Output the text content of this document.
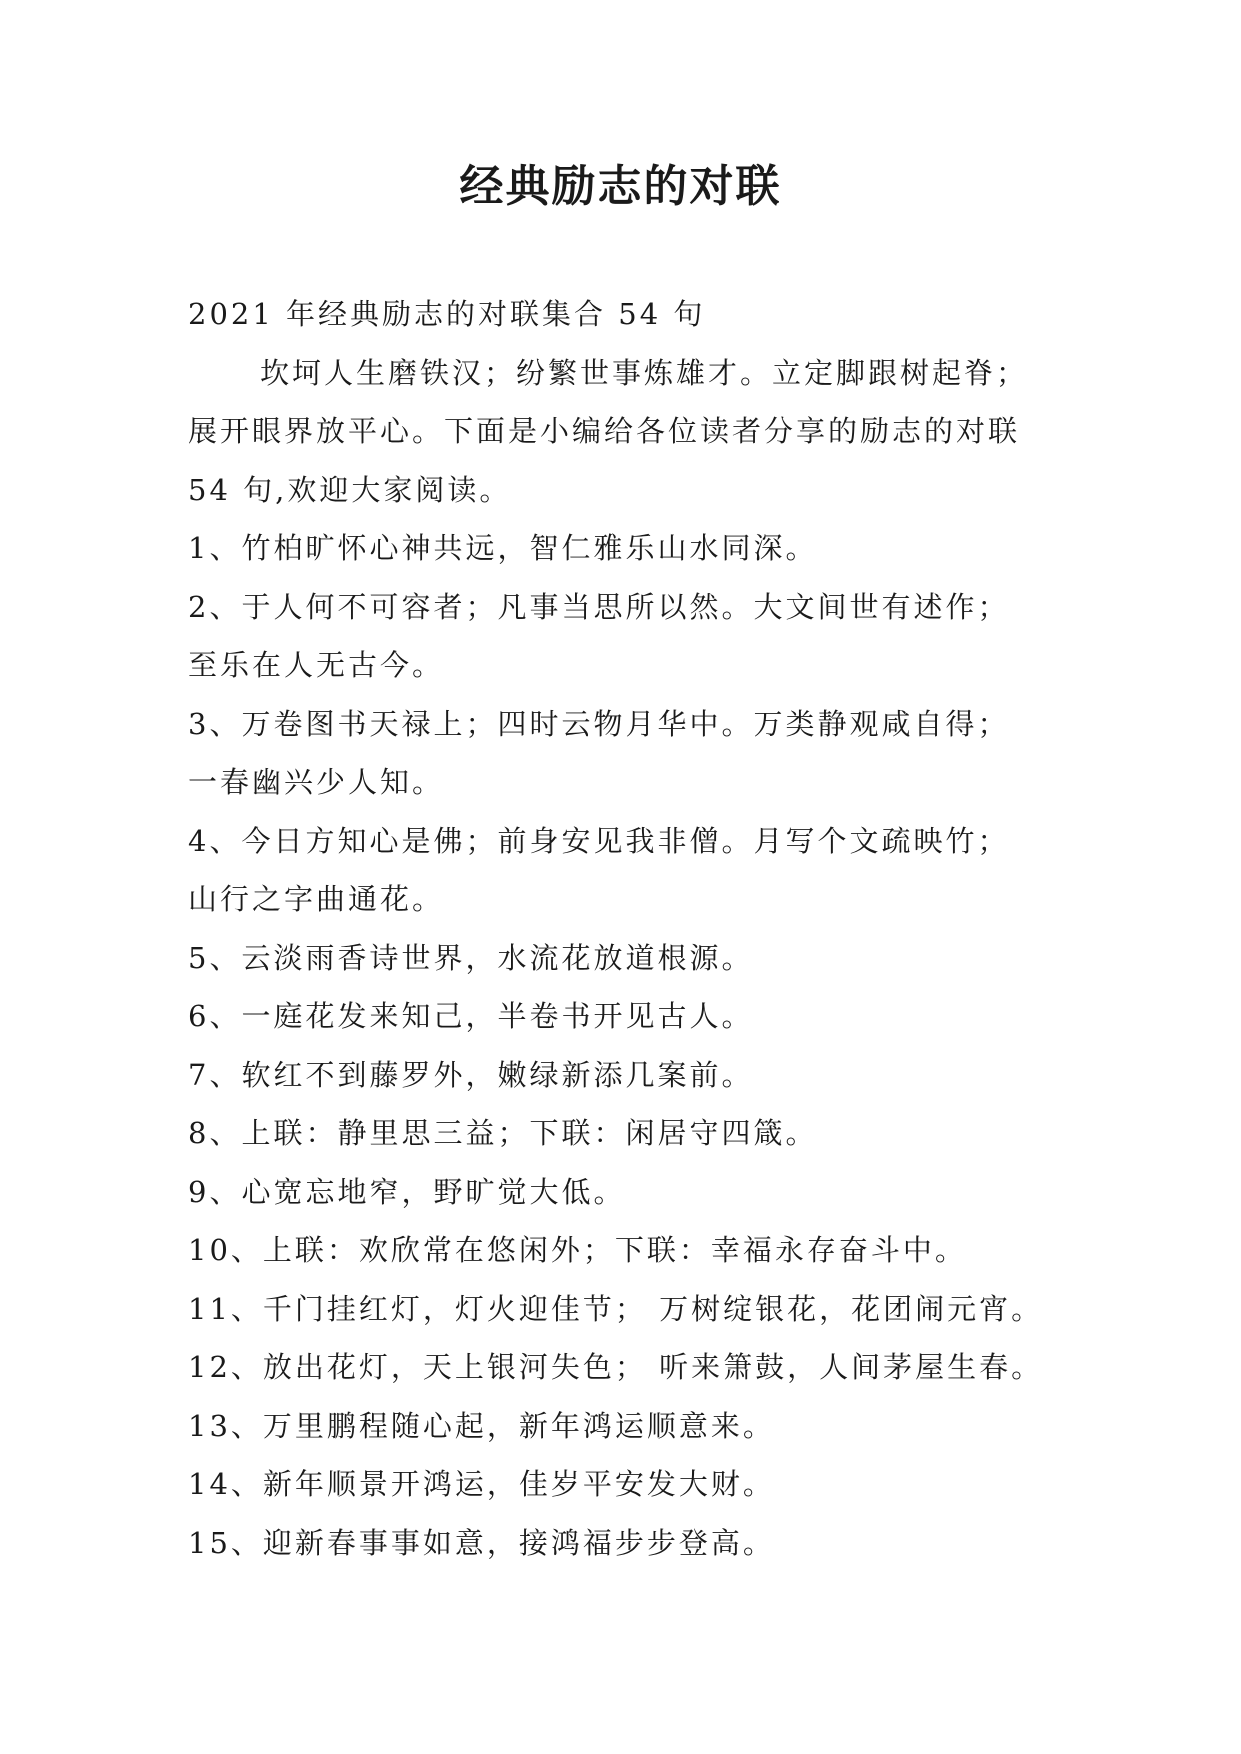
经典励志的对联

2021 年经典励志的对联集合 54 句

坎坷人生磨铁汉；纷繁世事炼雄才。立定脚跟树起脊；

展开眼界放平心。下面是小编给各位读者分享的励志的对联

54 句,欢迎大家阅读。

1、竹柏旷怀心神共远，智仁雅乐山水同深。

2、于人何不可容者；凡事当思所以然。大文间世有述作；

至乐在人无古今。

3、万卷图书天禄上；四时云物月华中。万类静观咸自得；

一春幽兴少人知。

4、今日方知心是佛；前身安见我非僧。月写个文疏映竹；

山行之字曲通花。

5、云淡雨香诗世界，水流花放道根源。

6、一庭花发来知己，半卷书开见古人。

7、软红不到藤罗外，嫩绿新添几案前。

8、上联：静里思三益；下联：闲居守四箴。

9、心宽忘地窄，野旷觉大低。

10、上联：欢欣常在悠闲外；下联：幸福永存奋斗中。

11、千门挂红灯，灯火迎佳节； 万树绽银花，花团闹元宵。

12、放出花灯，天上银河失色； 听来箫鼓，人间茅屋生春。

13、万里鹏程随心起，新年鸿运顺意来。

14、新年顺景开鸿运，佳岁平安发大财。

15、迎新春事事如意，接鸿福步步登高。
